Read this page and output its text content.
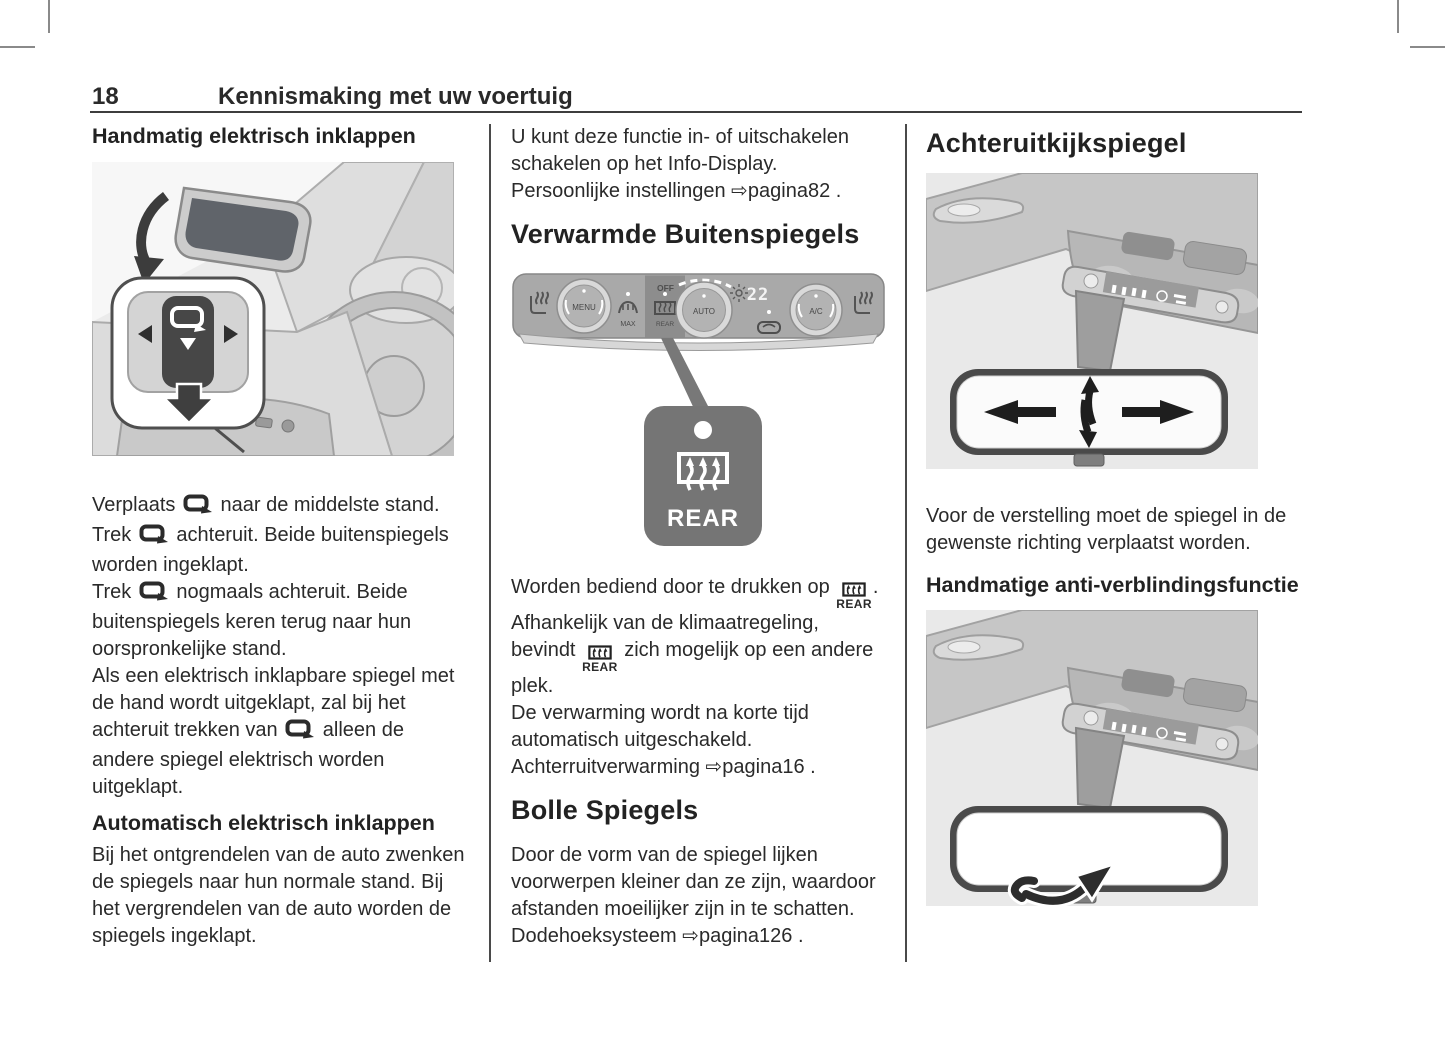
18	Kennismaking met uw voertuig
Handmatig elektrisch inklappen

Verplaats  naar de middelste stand.

Trek  achteruit. Beide buitenspiegels worden ingeklapt.

Trek  nogmaals achteruit. Beide buitenspiegels keren terug naar hun oorspronkelijke stand.

Als een elektrisch inklapbare spiegel met de hand wordt uitgeklapt, zal bij het achteruit trekken van  alleen de andere spiegel elektrisch worden uitgeklapt.

Automatisch elektrisch inklappen

Bij het ontgrendelen van de auto zwenken de spiegels naar hun normale stand. Bij het vergrendelen van de auto worden de spiegels ingeklapt.

U kunt deze functie in- of uitschakelen schakelen op het Info-Display.

Persoonlijke instellingen ⇨pagina82 .

Verwarmde Buitenspiegels
MENU
MAX	REAR
OFF
AUTO
22
A/C
REAR

Worden bediend door te drukken op
REAR
.

Afhankelijk van de klimaatregeling, bevindt
REAR
zich mogelijk op een andere plek.

De verwarming wordt na korte tijd automatisch uitgeschakeld.

Achterruitverwarming ⇨pagina16 .

Bolle Spiegels

Door de vorm van de spiegel lijken voorwerpen kleiner dan ze zijn, waardoor afstanden moeilijker zijn in te schatten.

Dodehoeksysteem ⇨pagina126 .

Achteruitkijkspiegel

Voor de verstelling moet de spiegel in de gewenste richting verplaatst worden.

Handmatige anti-verblindingsfunctie
